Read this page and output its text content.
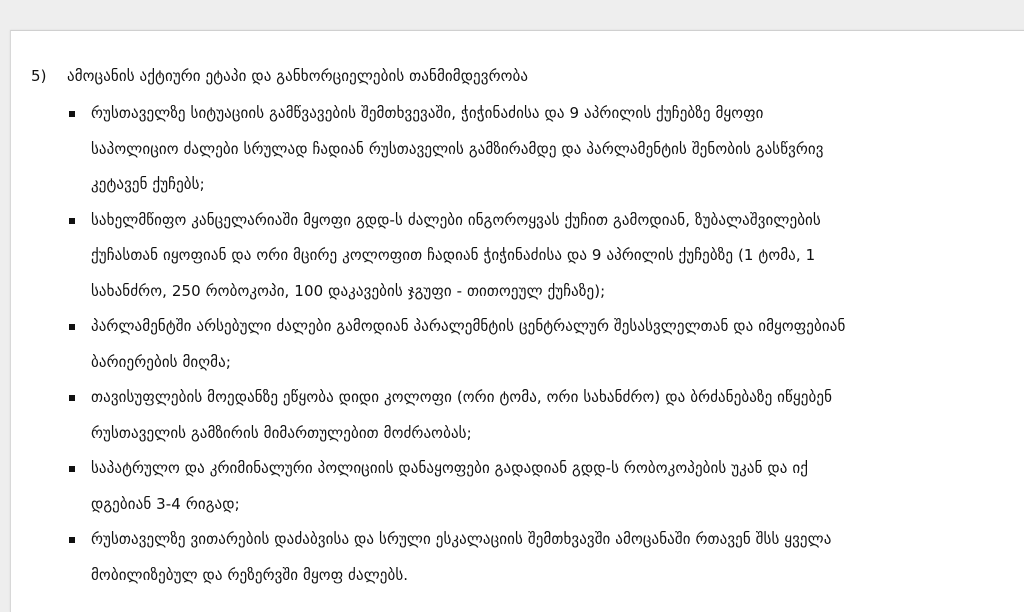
5) ამოცანის აქტიური ეტაპი და განხორციელების თანმიმდევრობა
რუსთაველზე სიტუაციის გამწვავების შემთხვევაში, ჭიჭინაძისა და 9 აპრილის ქუჩებზე მყოფი
საპოლიციო ძალები სრულად ჩადიან რუსთაველის გამზირამდე და პარლამენტის შენობის გასწვრივ
კეტავენ ქუჩებს;
სახელმწიფო კანცელარიაში მყოფი გდდ-ს ძალები ინგოროყვას ქუჩით გამოდიან, ზუბალაშვილების
ქუჩასთან იყოფიან და ორი მცირე კოლოფით ჩადიან ჭიჭინაძისა და 9 აპრილის ქუჩებზე (1 ტომა, 1
სახანძრო, 250 რობოკოპი, 100 დაკავების ჯგუფი - თითოეულ ქუჩაზე);
პარლამენტში არსებული ძალები გამოდიან პარალემნტის ცენტრალურ შესასვლელთან და იმყოფებიან
ბარიერების მიღმა;
თავისუფლების მოედანზე ეწყობა დიდი კოლოფი (ორი ტომა, ორი სახანძრო) და ბრძანებაზე იწყებენ
რუსთაველის გამზირის მიმართულებით მოძრაობას;
საპატრულო და კრიმინალური პოლიციის დანაყოფები გადადიან გდდ-ს რობოკოპების უკან და იქ
დგებიან 3-4 რიგად;
რუსთაველზე ვითარების დაძაბვისა და სრული ესკალაციის შემთხვავში ამოცანაში რთავენ შსს ყველა
მობილიზებულ და რეზერვში მყოფ ძალებს.
